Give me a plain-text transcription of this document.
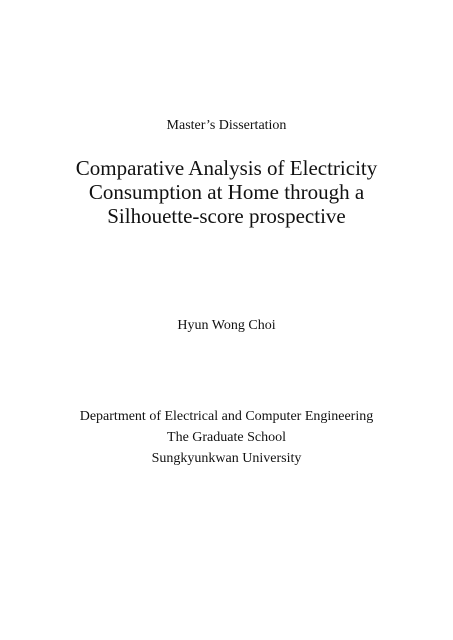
Master’s Dissertation
Comparative Analysis of Electricity
Consumption at Home through a
Silhouette-score prospective
Hyun Wong Choi
Department of Electrical and Computer Engineering
The Graduate School
Sungkyunkwan University
